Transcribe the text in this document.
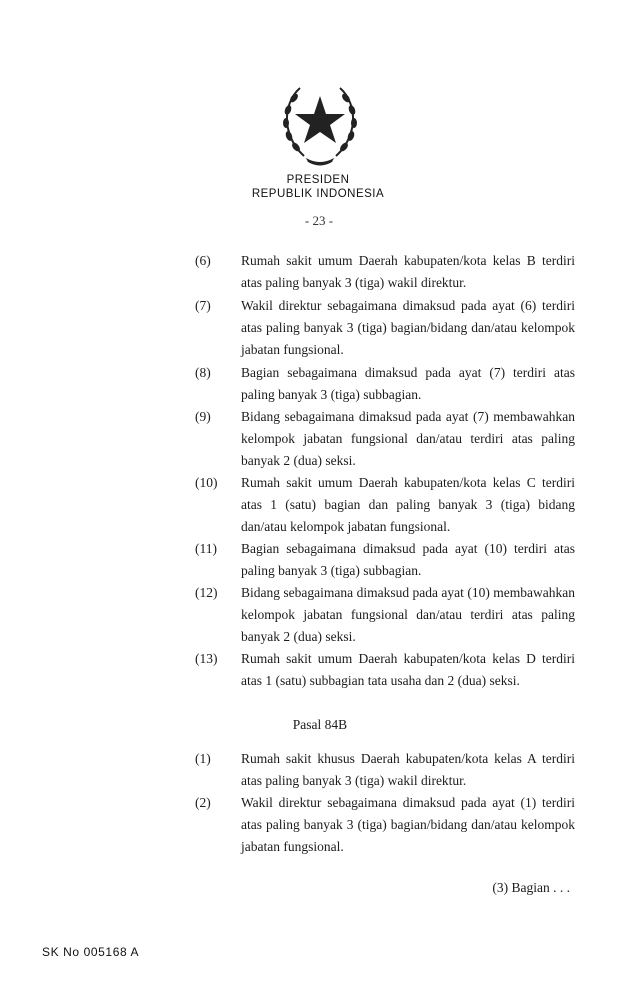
PRESIDEN
REPUBLIK INDONESIA
- 23 -
(6)	Rumah sakit umum Daerah kabupaten/kota kelas B terdiri atas paling banyak 3 (tiga) wakil direktur.
(7)	Wakil direktur sebagaimana dimaksud pada ayat (6) terdiri atas paling banyak 3 (tiga) bagian/bidang dan/atau kelompok jabatan fungsional.
(8)	Bagian sebagaimana dimaksud pada ayat (7) terdiri atas paling banyak 3 (tiga) subbagian.
(9)	Bidang sebagaimana dimaksud pada ayat (7) membawahkan kelompok jabatan fungsional dan/atau terdiri atas paling banyak 2 (dua) seksi.
(10)	Rumah sakit umum Daerah kabupaten/kota kelas C terdiri atas 1 (satu) bagian dan paling banyak 3 (tiga) bidang dan/atau kelompok jabatan fungsional.
(11)	Bagian sebagaimana dimaksud pada ayat (10) terdiri atas paling banyak 3 (tiga) subbagian.
(12)	Bidang sebagaimana dimaksud pada ayat (10) membawahkan kelompok jabatan fungsional dan/atau terdiri atas paling banyak 2 (dua) seksi.
(13)	Rumah sakit umum Daerah kabupaten/kota kelas D terdiri atas 1 (satu) subbagian tata usaha dan 2 (dua) seksi.
Pasal 84B
(1)	Rumah sakit khusus Daerah kabupaten/kota kelas A terdiri atas paling banyak 3 (tiga) wakil direktur.
(2)	Wakil direktur sebagaimana dimaksud pada ayat (1) terdiri atas paling banyak 3 (tiga) bagian/bidang dan/atau kelompok jabatan fungsional.
(3) Bagian . . .
SK No 005168 A
